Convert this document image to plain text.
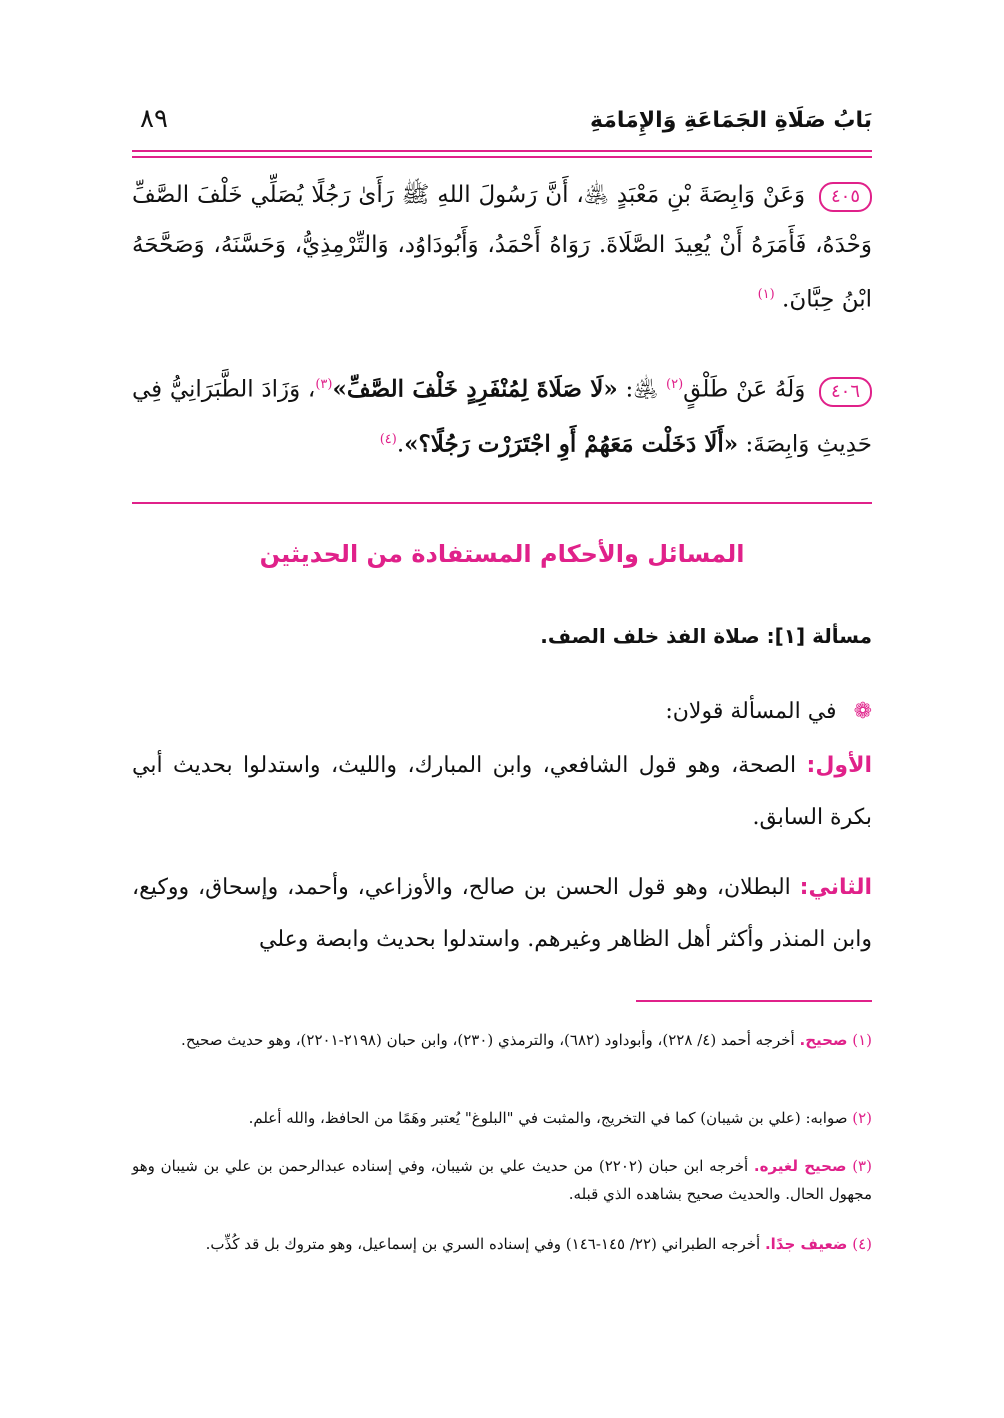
بَابُ صَلَاةِ الجَمَاعَةِ وَالإِمَامَةِ
٨٩
٤٠٥ وَعَنْ وَابِصَةَ بْنِ مَعْبَدٍ ﵁، أَنَّ رَسُولَ اللهِ ﷺ رَأَىٰ رَجُلًا يُصَلِّي خَلْفَ الصَّفِّ وَحْدَهُ، فَأَمَرَهُ أَنْ يُعِيدَ الصَّلَاةَ. رَوَاهُ أَحْمَدُ، وَأَبُودَاوُد، وَالتِّرْمِذِيُّ، وَحَسَّنَهُ، وَصَحَّحَهُ ابْنُ حِبَّانَ. $^{(١)}$
٤٠٦ وَلَهُ عَنْ طَلْقٍ$^{(٢)}$ ﵁: «لَا صَلَاةَ لِمُنْفَرِدٍ خَلْفَ الصَّفِّ»$^{(٣)}$، وَزَادَ الطَّبَرَانِيُّ فِي حَدِيثِ وَابِصَةَ: «أَلَا دَخَلْت مَعَهُمْ أَوِ اجْتَرَرْت رَجُلًا؟».$^{(٤)}$
المسائل والأحكام المستفادة من الحديثين
مسألة [١]: صلاة الفذ خلف الصف.
❁ في المسألة قولان:
الأول: الصحة، وهو قول الشافعي، وابن المبارك، والليث، واستدلوا بحديث أبي بكرة السابق.
الثاني: البطلان، وهو قول الحسن بن صالح، والأوزاعي، وأحمد، وإسحاق، ووكيع، وابن المنذر وأكثر أهل الظاهر وغيرهم. واستدلوا بحديث وابصة وعلي
(١) صحيح. أخرجه أحمد (٤/ ٢٢٨)، وأبوداود (٦٨٢)، والترمذي (٢٣٠)، وابن حبان (٢١٩٨-٢٢٠١)، وهو حديث صحيح.
(٢) صوابه: (علي بن شيبان) كما في التخريج، والمثبت في "البلوغ" يُعتبر وهَمًا من الحافظ، والله أعلم.
(٣) صحيح لغيره. أخرجه ابن حبان (٢٢٠٢) من حديث علي بن شيبان، وفي إسناده عبدالرحمن بن علي بن شيبان وهو مجهول الحال. والحديث صحيح بشاهده الذي قبله.
(٤) ضعيف جدًا. أخرجه الطبراني (٢٢/ ١٤٥-١٤٦) وفي إسناده السري بن إسماعيل، وهو متروك بل قد كُذِّب.
